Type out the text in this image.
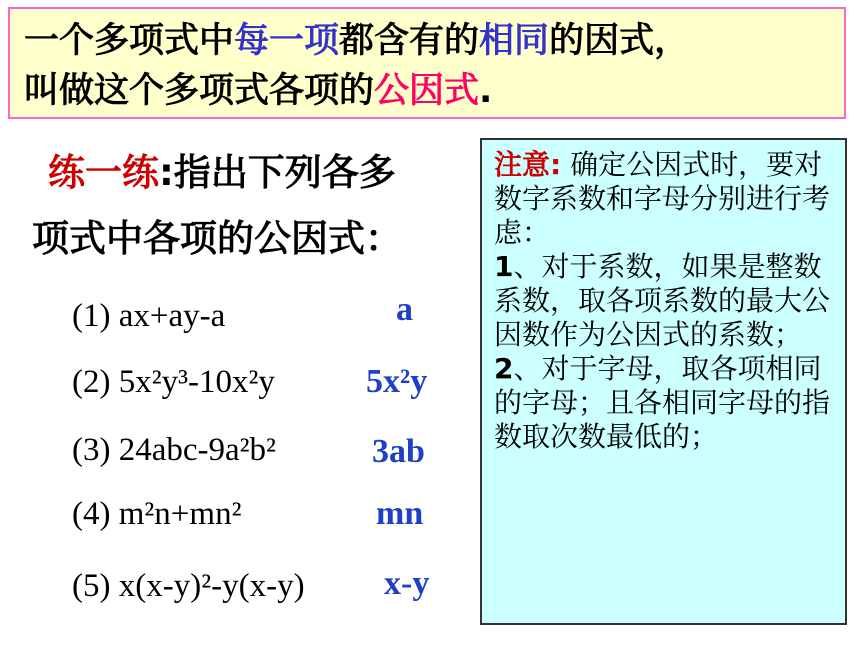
一个多项式中每一项都含有的相同的因式，
叫做这个多项式各项的公因式.
练一练:指出下列各多
项式中各项的公因式：
(1) ax+ay-a	a
(2) 5x²y³-10x²y	5x²y
(3) 24abc-9a²b²	3ab
(4) m²n+mn²	mn
(5) x(x-y)²-y(x-y) x-y

注意: 确定公因式时，要对数字系数和字母分别进行考虑：

1、对于系数，如果是整数系数，取各项系数的最大公因数作为公因式的系数；

2、对于字母，取各项相同的字母；且各相同字母的指数取次数最低的；
